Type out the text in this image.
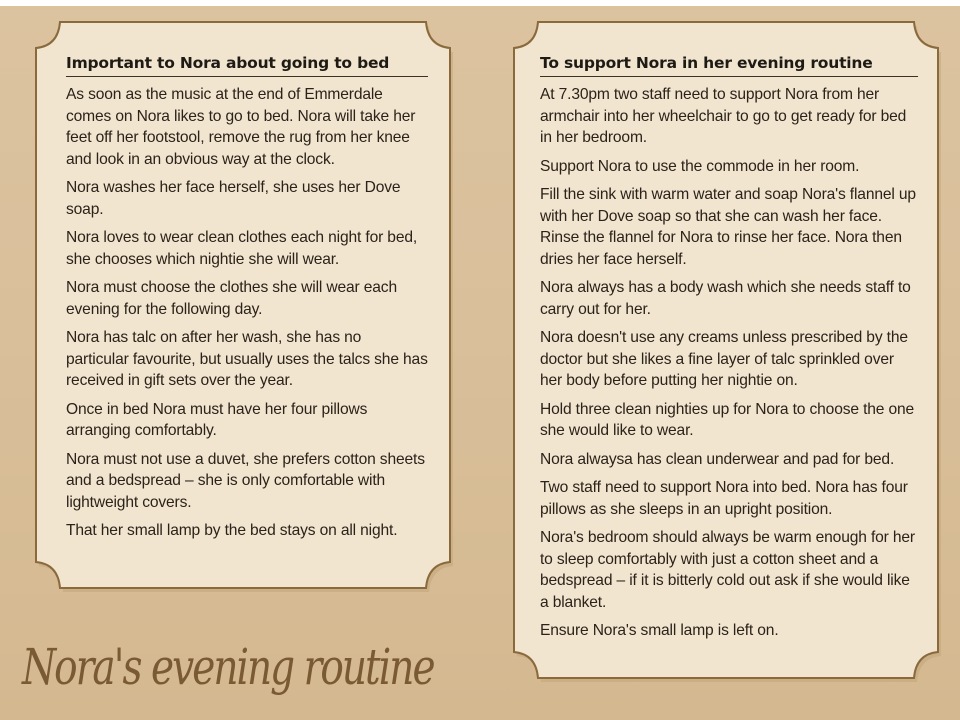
Important to Nora about going to bed

As soon as the music at the end of Emmerdale comes on Nora likes to go to bed. Nora will take her feet off her footstool, remove the rug from her knee and look in an obvious way at the clock.

Nora washes her face herself, she uses her Dove soap.

Nora loves to wear clean clothes each night for bed, she chooses which nightie she will wear.

Nora must choose the clothes she will wear each evening for the following day.

Nora has talc on after her wash, she has no particular favourite, but usually uses the talcs she has received in gift sets over the year.

Once in bed Nora must have her four pillows arranging comfortably.

Nora must not use a duvet, she prefers cotton sheets and a bedspread – she is only comfortable with lightweight covers.

That her small lamp by the bed stays on all night.

To support Nora in her evening routine

At 7.30pm two staff need to support Nora from her armchair into her wheelchair to go to get ready for bed in her bedroom.

Support Nora to use the commode in her room.

Fill the sink with warm water and soap Nora's flannel up with her Dove soap so that she can wash her face. Rinse the flannel for Nora to rinse her face. Nora then dries her face herself.

Nora always has a body wash which she needs staff to carry out for her.

Nora doesn't use any creams unless prescribed by the doctor but she likes a fine layer of talc sprinkled over her body before putting her nightie on.

Hold three clean nighties up for Nora to choose the one she would like to wear.

Nora alwaysa has clean underwear and pad for bed.

Two staff need to support Nora into bed. Nora has four pillows as she sleeps in an upright position.

Nora's bedroom should always be warm enough for her to sleep comfortably with just a cotton sheet and a bedspread – if it is bitterly cold out ask if she would like a blanket.

Ensure Nora's small lamp is left on.

Nora's evening routine
